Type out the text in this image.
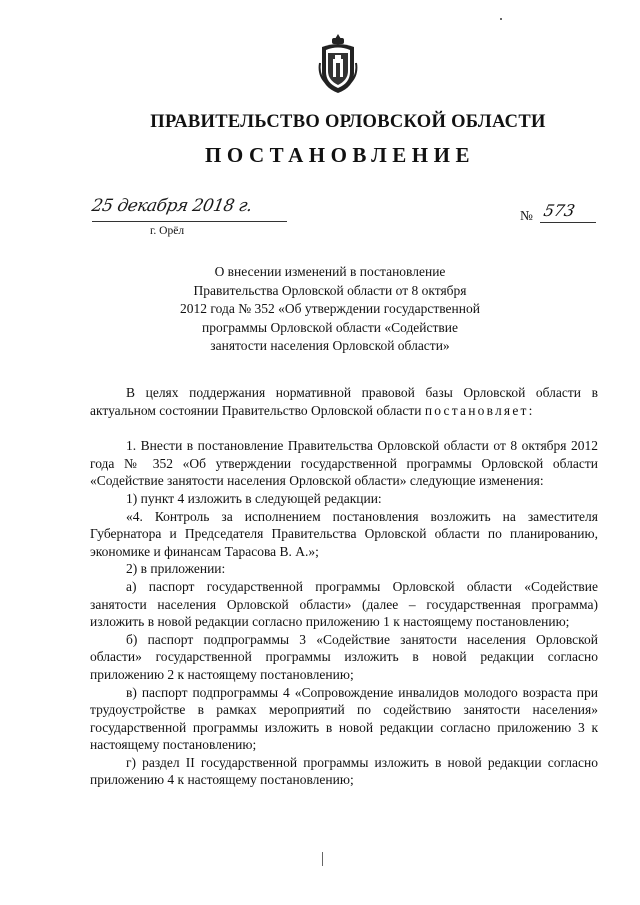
ПРАВИТЕЛЬСТВО ОРЛОВСКОЙ ОБЛАСТИ
ПОСТАНОВЛЕНИЕ
25 декабря 2018 г.
г. Орёл
№ 573
О внесении изменений в постановление
Правительства Орловской области от 8 октября
2012 года № 352 «Об утверждении государственной
программы Орловской области «Содействие
занятости населения Орловской области»

В целях поддержания нормативной правовой базы Орловской области в актуальном состоянии Правительство Орловской области постановляет:

1. Внести в постановление Правительства Орловской области от 8 октября 2012 года № 352 «Об утверждении государственной программы Орловской области «Содействие занятости населения Орловской области» следующие изменения:

1) пункт 4 изложить в следующей редакции:

«4. Контроль за исполнением постановления возложить на заместителя Губернатора и Председателя Правительства Орловской области по планированию, экономике и финансам Тарасова В. А.»;

2) в приложении:

а) паспорт государственной программы Орловской области «Содействие занятости населения Орловской области» (далее – государственная программа) изложить в новой редакции согласно приложению 1 к настоящему постановлению;

б) паспорт подпрограммы 3 «Содействие занятости населения Орловской области» государственной программы изложить в новой редакции согласно приложению 2 к настоящему постановлению;

в) паспорт подпрограммы 4 «Сопровождение инвалидов молодого возраста при трудоустройстве в рамках мероприятий по содействию занятости населения» государственной программы изложить в новой редакции согласно приложению 3 к настоящему постановлению;

г) раздел II государственной программы изложить в новой редакции согласно приложению 4 к настоящему постановлению;
